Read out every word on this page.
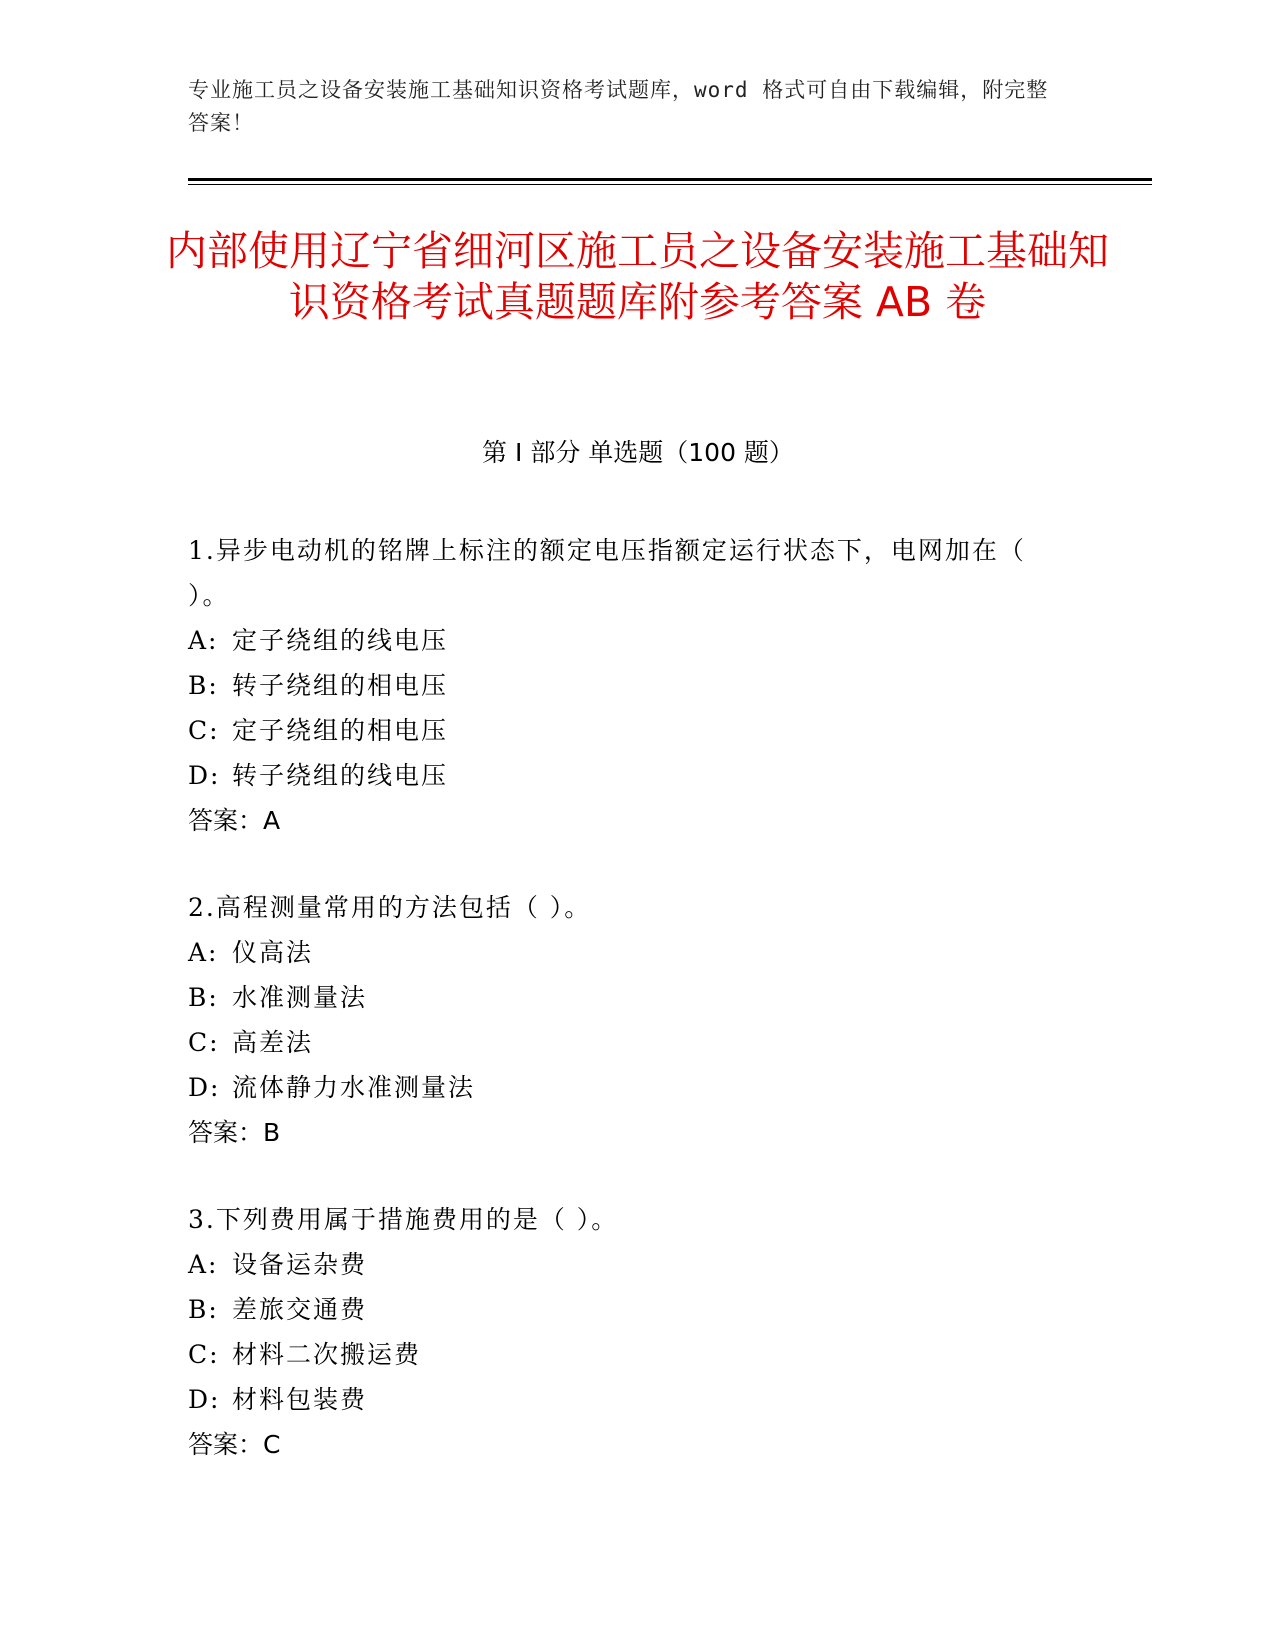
专业施工员之设备安装施工基础知识资格考试题库，word 格式可自由下载编辑，附完整答案！
内部使用辽宁省细河区施工员之设备安装施工基础知识资格考试真题题库附参考答案 AB 卷
第 I 部分 单选题（100 题）
1.异步电动机的铭牌上标注的额定电压指额定运行状态下，电网加在（ ）。
A: 定子绕组的线电压
B: 转子绕组的相电压
C: 定子绕组的相电压
D: 转子绕组的线电压
答案： A
2.高程测量常用的方法包括（ ）。
A: 仪高法
B: 水准测量法
C: 高差法
D: 流体静力水准测量法
答案： B
3.下列费用属于措施费用的是（ ）。
A: 设备运杂费
B: 差旅交通费
C: 材料二次搬运费
D: 材料包装费
答案： C
